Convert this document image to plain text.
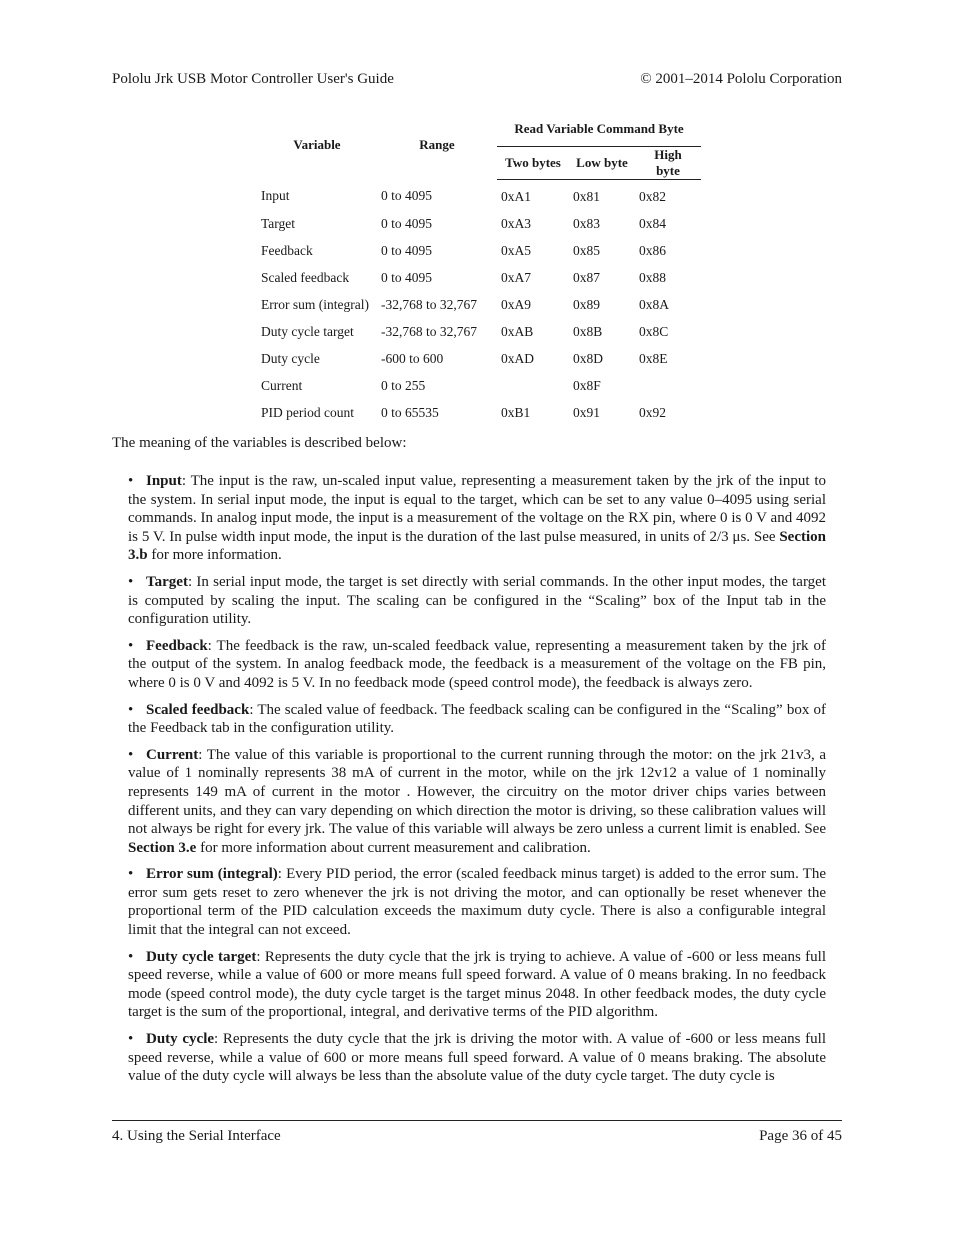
Pololu Jrk USB Motor Controller User's Guide	© 2001–2014 Pololu Corporation
Variable	Range	Read Variable Command Byte		
		Two bytes	Low byte	High byte
Input	0 to 4095	0xA1	0x81	0x82
Target	0 to 4095	0xA3	0x83	0x84
Feedback	0 to 4095	0xA5	0x85	0x86
Scaled feedback	0 to 4095	0xA7	0x87	0x88
Error sum (integral)	-32,768 to 32,767	0xA9	0x89	0x8A
Duty cycle target	-32,768 to 32,767	0xAB	0x8B	0x8C
Duty cycle	-600 to 600	0xAD	0x8D	0x8E
Current	0 to 255		0x8F	
PID period count	0 to 65535	0xB1	0x91	0x92

The meaning of the variables is described below:

• Input: The input is the raw, un-scaled input value, representing a measurement taken by the jrk of the input to the system. In serial input mode, the input is equal to the target, which can be set to any value 0–4095 using serial commands. In analog input mode, the input is a measurement of the voltage on the RX pin, where 0 is 0 V and 4092 is 5 V. In pulse width input mode, the input is the duration of the last pulse measured, in units of 2/3 μs. See Section 3.b for more information.
• Target: In serial input mode, the target is set directly with serial commands. In the other input modes, the target is computed by scaling the input. The scaling can be configured in the “Scaling” box of the Input tab in the configuration utility.
• Feedback: The feedback is the raw, un-scaled feedback value, representing a measurement taken by the jrk of the output of the system. In analog feedback mode, the feedback is a measurement of the voltage on the FB pin, where 0 is 0 V and 4092 is 5 V. In no feedback mode (speed control mode), the feedback is always zero.
• Scaled feedback: The scaled value of feedback. The feedback scaling can be configured in the “Scaling” box of the Feedback tab in the configuration utility.
• Current: The value of this variable is proportional to the current running through the motor: on the jrk 21v3, a value of 1 nominally represents 38 mA of current in the motor, while on the jrk 12v12 a value of 1 nominally represents 149 mA of current in the motor . However, the circuitry on the motor driver chips varies between different units, and they can vary depending on which direction the motor is driving, so these calibration values will not always be right for every jrk. The value of this variable will always be zero unless a current limit is enabled. See Section 3.e for more information about current measurement and calibration.
• Error sum (integral): Every PID period, the error (scaled feedback minus target) is added to the error sum. The error sum gets reset to zero whenever the jrk is not driving the motor, and can optionally be reset whenever the proportional term of the PID calculation exceeds the maximum duty cycle. There is also a configurable integral limit that the integral can not exceed.
• Duty cycle target: Represents the duty cycle that the jrk is trying to achieve. A value of -600 or less means full speed reverse, while a value of 600 or more means full speed forward. A value of 0 means braking. In no feedback mode (speed control mode), the duty cycle target is the target minus 2048. In other feedback modes, the duty cycle target is the sum of the proportional, integral, and derivative terms of the PID algorithm.
• Duty cycle: Represents the duty cycle that the jrk is driving the motor with. A value of -600 or less means full speed reverse, while a value of 600 or more means full speed forward. A value of 0 means braking. The absolute value of the duty cycle will always be less than the absolute value of the duty cycle target. The duty cycle is
4. Using the Serial Interface	Page 36 of 45
